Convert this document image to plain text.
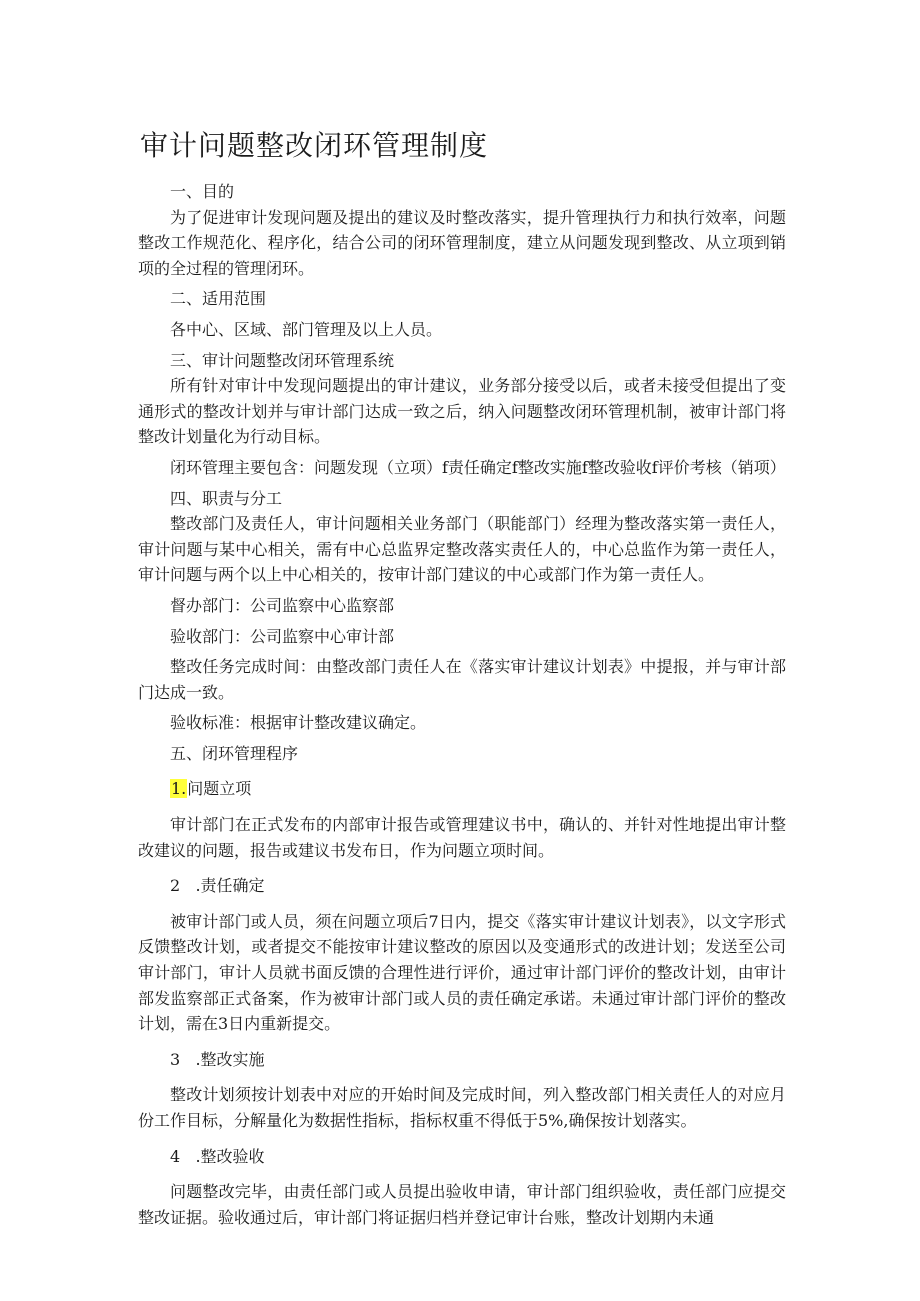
审计问题整改闭环管理制度

一、目的

为了促进审计发现问题及提出的建议及时整改落实，提升管理执行力和执行效率，问题整改工作规范化、程序化，结合公司的闭环管理制度，建立从问题发现到整改、从立项到销项的全过程的管理闭环。

二、适用范围

各中心、区域、部门管理及以上人员。

三、审计问题整改闭环管理系统

所有针对审计中发现问题提出的审计建议，业务部分接受以后，或者未接受但提出了变通形式的整改计划并与审计部门达成一致之后，纳入问题整改闭环管理机制，被审计部门将整改计划量化为行动目标。

闭环管理主要包含：问题发现（立项）f责任确定f整改实施f整改验收f评价考核（销项）

四、职责与分工

整改部门及责任人，审计问题相关业务部门（职能部门）经理为整改落实第一责任人，审计问题与某中心相关，需有中心总监界定整改落实责任人的，中心总监作为第一责任人，审计问题与两个以上中心相关的，按审计部门建议的中心或部门作为第一责任人。

督办部门：公司监察中心监察部

验收部门：公司监察中心审计部

整改任务完成时间：由整改部门责任人在《落实审计建议计划表》中提报，并与审计部门达成一致。

验收标准：根据审计整改建议确定。

五、闭环管理程序

1.问题立项

审计部门在正式发布的内部审计报告或管理建议书中，确认的、并针对性地提出审计整改建议的问题，报告或建议书发布日，作为问题立项时间。

2 .责任确定

被审计部门或人员，须在问题立项后7日内，提交《落实审计建议计划表》，以文字形式反馈整改计划，或者提交不能按审计建议整改的原因以及变通形式的改进计划；发送至公司审计部门，审计人员就书面反馈的合理性进行评价，通过审计部门评价的整改计划，由审计部发监察部正式备案，作为被审计部门或人员的责任确定承诺。未通过审计部门评价的整改计划，需在3日内重新提交。

3 .整改实施

整改计划须按计划表中对应的开始时间及完成时间，列入整改部门相关责任人的对应月份工作目标，分解量化为数据性指标，指标权重不得低于5%,确保按计划落实。

4 .整改验收

问题整改完毕，由责任部门或人员提出验收申请，审计部门组织验收，责任部门应提交整改证据。验收通过后，审计部门将证据归档并登记审计台账，整改计划期内未通
